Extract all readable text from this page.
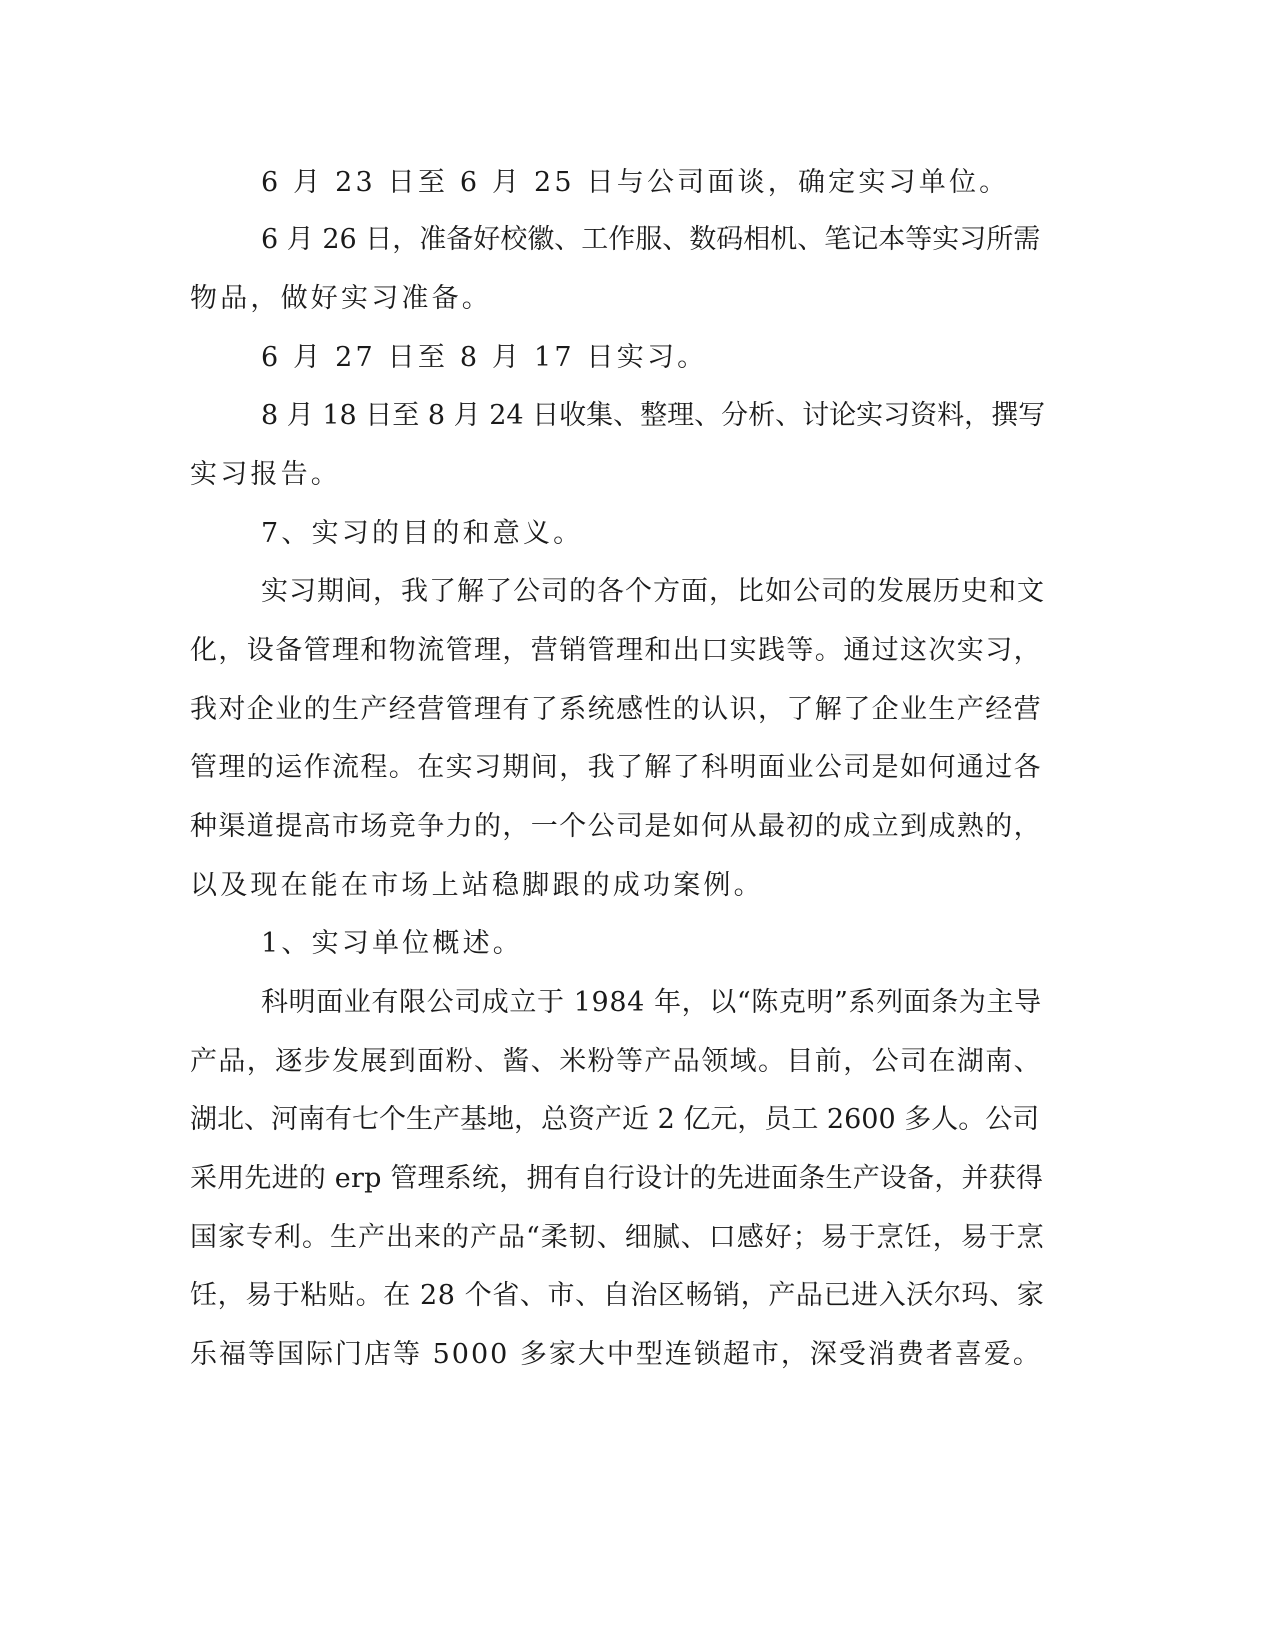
6 月 23 日至 6 月 25 日与公司面谈，确定实习单位。
6 月 26 日，准备好校徽、工作服、数码相机、笔记本等实习所需
物品，做好实习准备。
6 月 27 日至 8 月 17 日实习。
8 月 18 日至 8 月 24 日收集、整理、分析、讨论实习资料，撰写
实习报告。
7、实习的目的和意义。
实习期间，我了解了公司的各个方面，比如公司的发展历史和文
化，设备管理和物流管理，营销管理和出口实践等。通过这次实习，
我对企业的生产经营管理有了系统感性的认识，了解了企业生产经营
管理的运作流程。在实习期间，我了解了科明面业公司是如何通过各
种渠道提高市场竞争力的，一个公司是如何从最初的成立到成熟的，
以及现在能在市场上站稳脚跟的成功案例。
1、实习单位概述。
科明面业有限公司成立于 1984 年，以“陈克明”系列面条为主导
产品，逐步发展到面粉、酱、米粉等产品领域。目前，公司在湖南、
湖北、河南有七个生产基地，总资产近 2 亿元，员工 2600 多人。公司
采用先进的 erp 管理系统，拥有自行设计的先进面条生产设备，并获得
国家专利。生产出来的产品“柔韧、细腻、口感好；易于烹饪，易于烹
饪，易于粘贴。在 28 个省、市、自治区畅销，产品已进入沃尔玛、家
乐福等国际门店等 5000 多家大中型连锁超市，深受消费者喜爱。
